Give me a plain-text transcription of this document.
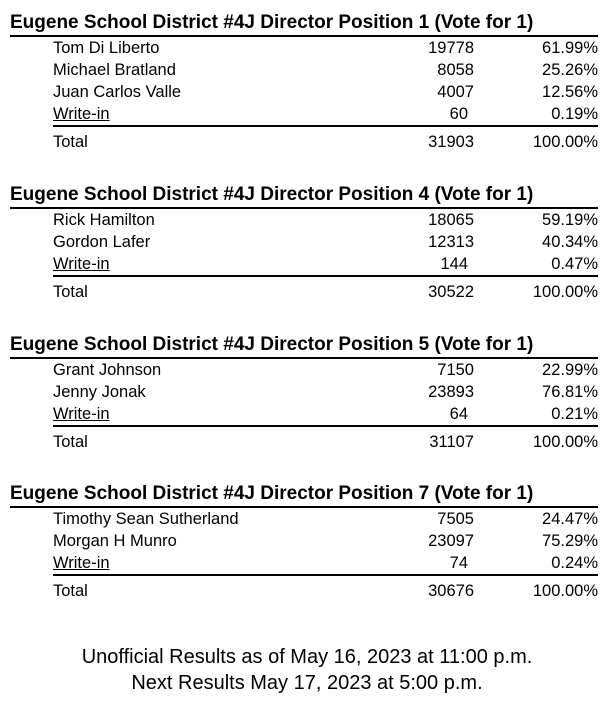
Eugene School District #4J Director Position 1 (Vote for 1)
Tom Di Liberto	19778	61.99%
Michael Bratland	8058	25.26%
Juan Carlos Valle	4007	12.56%
Write-in	60	0.19%
Total	31903	100.00%
Eugene School District #4J Director Position 4 (Vote for 1)
Rick Hamilton	18065	59.19%
Gordon Lafer	12313	40.34%
Write-in	144	0.47%
Total	30522	100.00%
Eugene School District #4J Director Position 5 (Vote for 1)
Grant Johnson	7150	22.99%
Jenny Jonak	23893	76.81%
Write-in	64	0.21%
Total	31107	100.00%
Eugene School District #4J Director Position 7 (Vote for 1)
Timothy Sean Sutherland	7505	24.47%
Morgan H Munro	23097	75.29%
Write-in	74	0.24%
Total	30676	100.00%
Unofficial Results as of May 16, 2023 at 11:00 p.m.
Next Results May 17, 2023 at 5:00 p.m.
